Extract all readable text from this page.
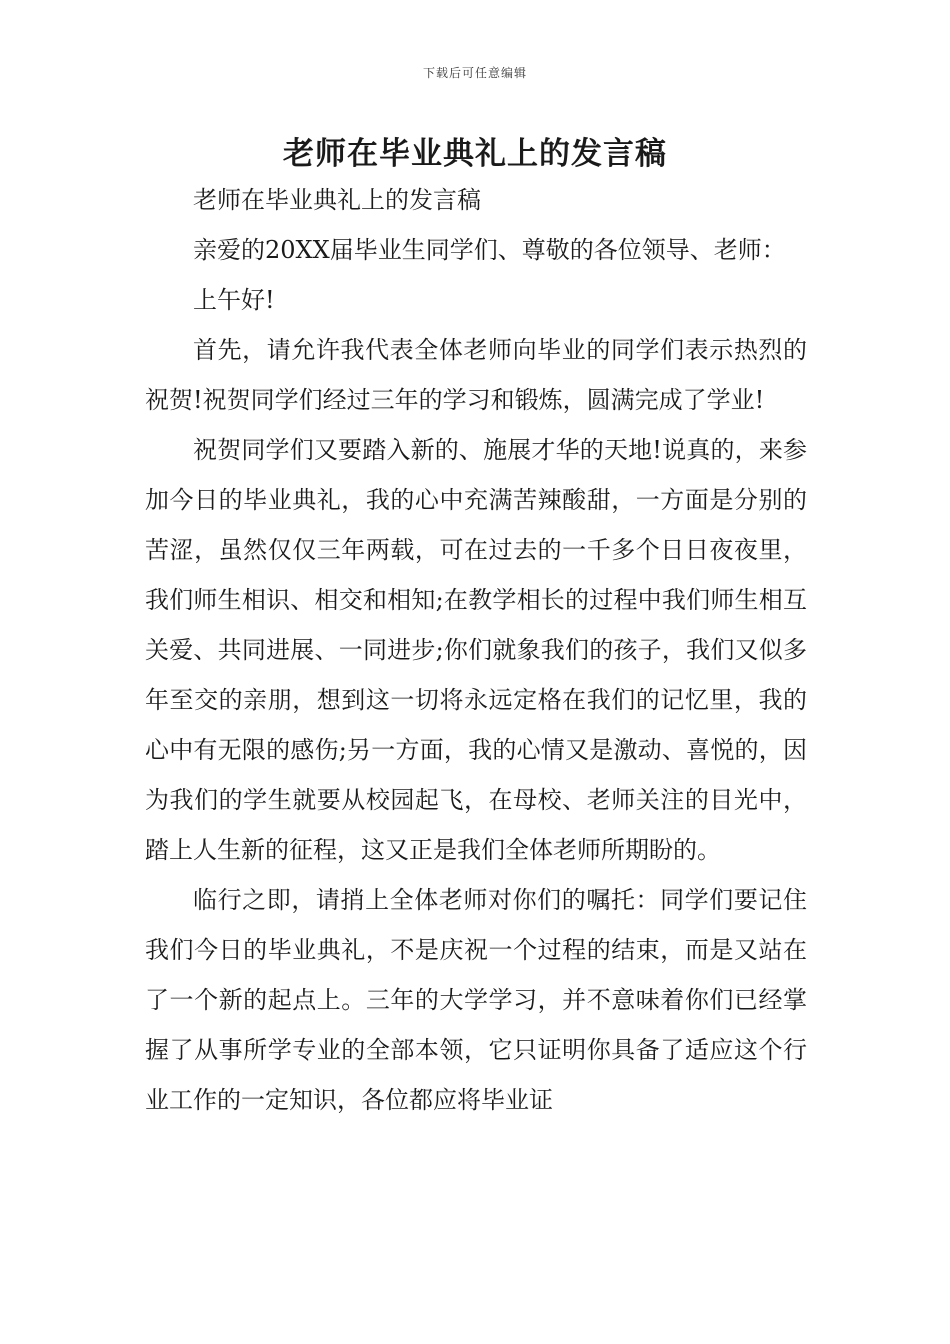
下载后可任意编辑
老师在毕业典礼上的发言稿

老师在毕业典礼上的发言稿

亲爱的20XX届毕业生同学们、尊敬的各位领导、老师：

上午好!

首先，请允许我代表全体老师向毕业的同学们表示热烈的祝贺!祝贺同学们经过三年的学习和锻炼，圆满完成了学业!

祝贺同学们又要踏入新的、施展才华的天地!说真的，来参加今日的毕业典礼，我的心中充满苦辣酸甜，一方面是分别的苦涩，虽然仅仅三年两载，可在过去的一千多个日日夜夜里，我们师生相识、相交和相知;在教学相长的过程中我们师生相互关爱、共同进展、一同进步;你们就象我们的孩子，我们又似多年至交的亲朋，想到这一切将永远定格在我们的记忆里，我的心中有无限的感伤;另一方面，我的心情又是激动、喜悦的，因为我们的学生就要从校园起飞，在母校、老师关注的目光中，踏上人生新的征程，这又正是我们全体老师所期盼的。

临行之即，请捎上全体老师对你们的嘱托：同学们要记住我们今日的毕业典礼，不是庆祝一个过程的结束，而是又站在了一个新的起点上。三年的大学学习，并不意味着你们已经掌握了从事所学专业的全部本领，它只证明你具备了适应这个行业工作的一定知识，各位都应将毕业证
